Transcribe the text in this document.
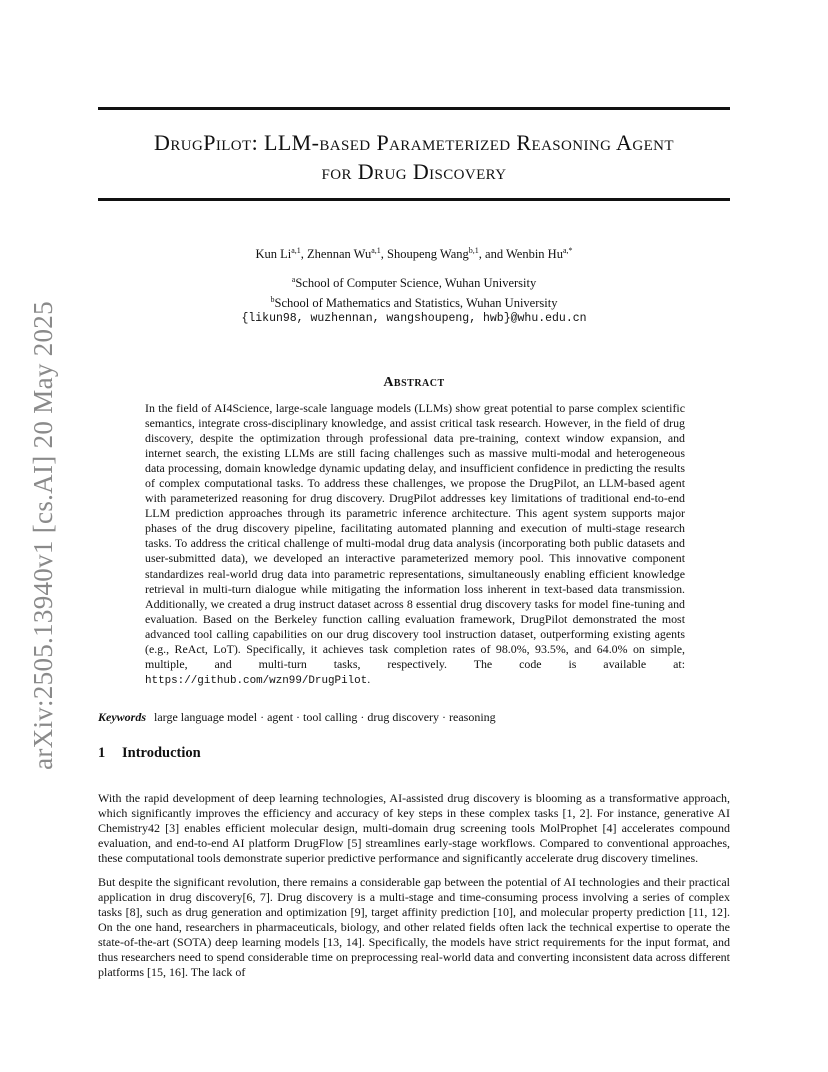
arXiv:2505.13940v1 [cs.AI] 20 May 2025
DrugPilot: LLM-based Parameterized Reasoning Agent
for Drug Discovery
Kun Li$^{a,1}$, Zhennan Wu$^{a,1}$, Shoupeng Wang$^{b,1}$, and Wenbin $Hu^{a,*}$
$^a$School of Computer Science, Wuhan University
$^b$School of Mathematics and Statistics, Wuhan University
{likun98, wuzhennan, wangshoupeng, hwb}@whu.edu.cn
Abstract

In the field of AI4Science, large-scale language models (LLMs) show great potential to parse complex scientific semantics, integrate cross-disciplinary knowledge, and assist critical task research. However, in the field of drug discovery, despite the optimization through professional data pre-training, context window expansion, and internet search, the existing LLMs are still facing challenges such as massive multi-modal and heterogeneous data processing, domain knowledge dynamic updating delay, and insufficient confidence in predicting the results of complex computational tasks. To address these challenges, we propose the DrugPilot, an LLM-based agent with parameterized reasoning for drug discovery. DrugPilot addresses key limitations of traditional end-to-end LLM prediction approaches through its parametric inference architecture. This agent system supports major phases of the drug discovery pipeline, facilitating automated planning and execution of multi-stage research tasks. To address the critical challenge of multi-modal drug data analysis (incorporating both public datasets and user-submitted data), we developed an interactive parameterized memory pool. This innovative component standardizes real-world drug data into parametric representations, simultaneously enabling efficient knowledge retrieval in multi-turn dialogue while mitigating the information loss inherent in text-based data transmission. Additionally, we created a drug instruct dataset across 8 essential drug discovery tasks for model fine-tuning and evaluation. Based on the Berkeley function calling evaluation framework, DrugPilot demonstrated the most advanced tool calling capabilities on our drug discovery tool instruction dataset, outperforming existing agents (e.g., ReAct, LoT). Specifically, it achieves task completion rates of 98.0%, 93.5%, and 64.0% on simple, multiple, and multi-turn tasks, respectively. The code is available at: https://github.com/wzn99/DrugPilot.

Keywords large language model · agent · tool calling · drug discovery · reasoning
1 Introduction

With the rapid development of deep learning technologies, AI-assisted drug discovery is blooming as a transformative approach, which significantly improves the efficiency and accuracy of key steps in these complex tasks [1, 2]. For instance, generative AI Chemistry42 [3] enables efficient molecular design, multi-domain drug screening tools MolProphet [4] accelerates compound evaluation, and end-to-end AI platform DrugFlow [5] streamlines early-stage workflows. Compared to conventional approaches, these computational tools demonstrate superior predictive performance and significantly accelerate drug discovery timelines.

But despite the significant revolution, there remains a considerable gap between the potential of AI technologies and their practical application in drug discovery[6, 7]. Drug discovery is a multi-stage and time-consuming process involving a series of complex tasks [8], such as drug generation and optimization [9], target affinity prediction [10], and molecular property prediction [11, 12]. On the one hand, researchers in pharmaceuticals, biology, and other related fields often lack the technical expertise to operate the state-of-the-art (SOTA) deep learning models [13, 14]. Specifically, the models have strict requirements for the input format, and thus researchers need to spend considerable time on preprocessing real-world data and converting inconsistent data across different platforms [15, 16]. The lack of
